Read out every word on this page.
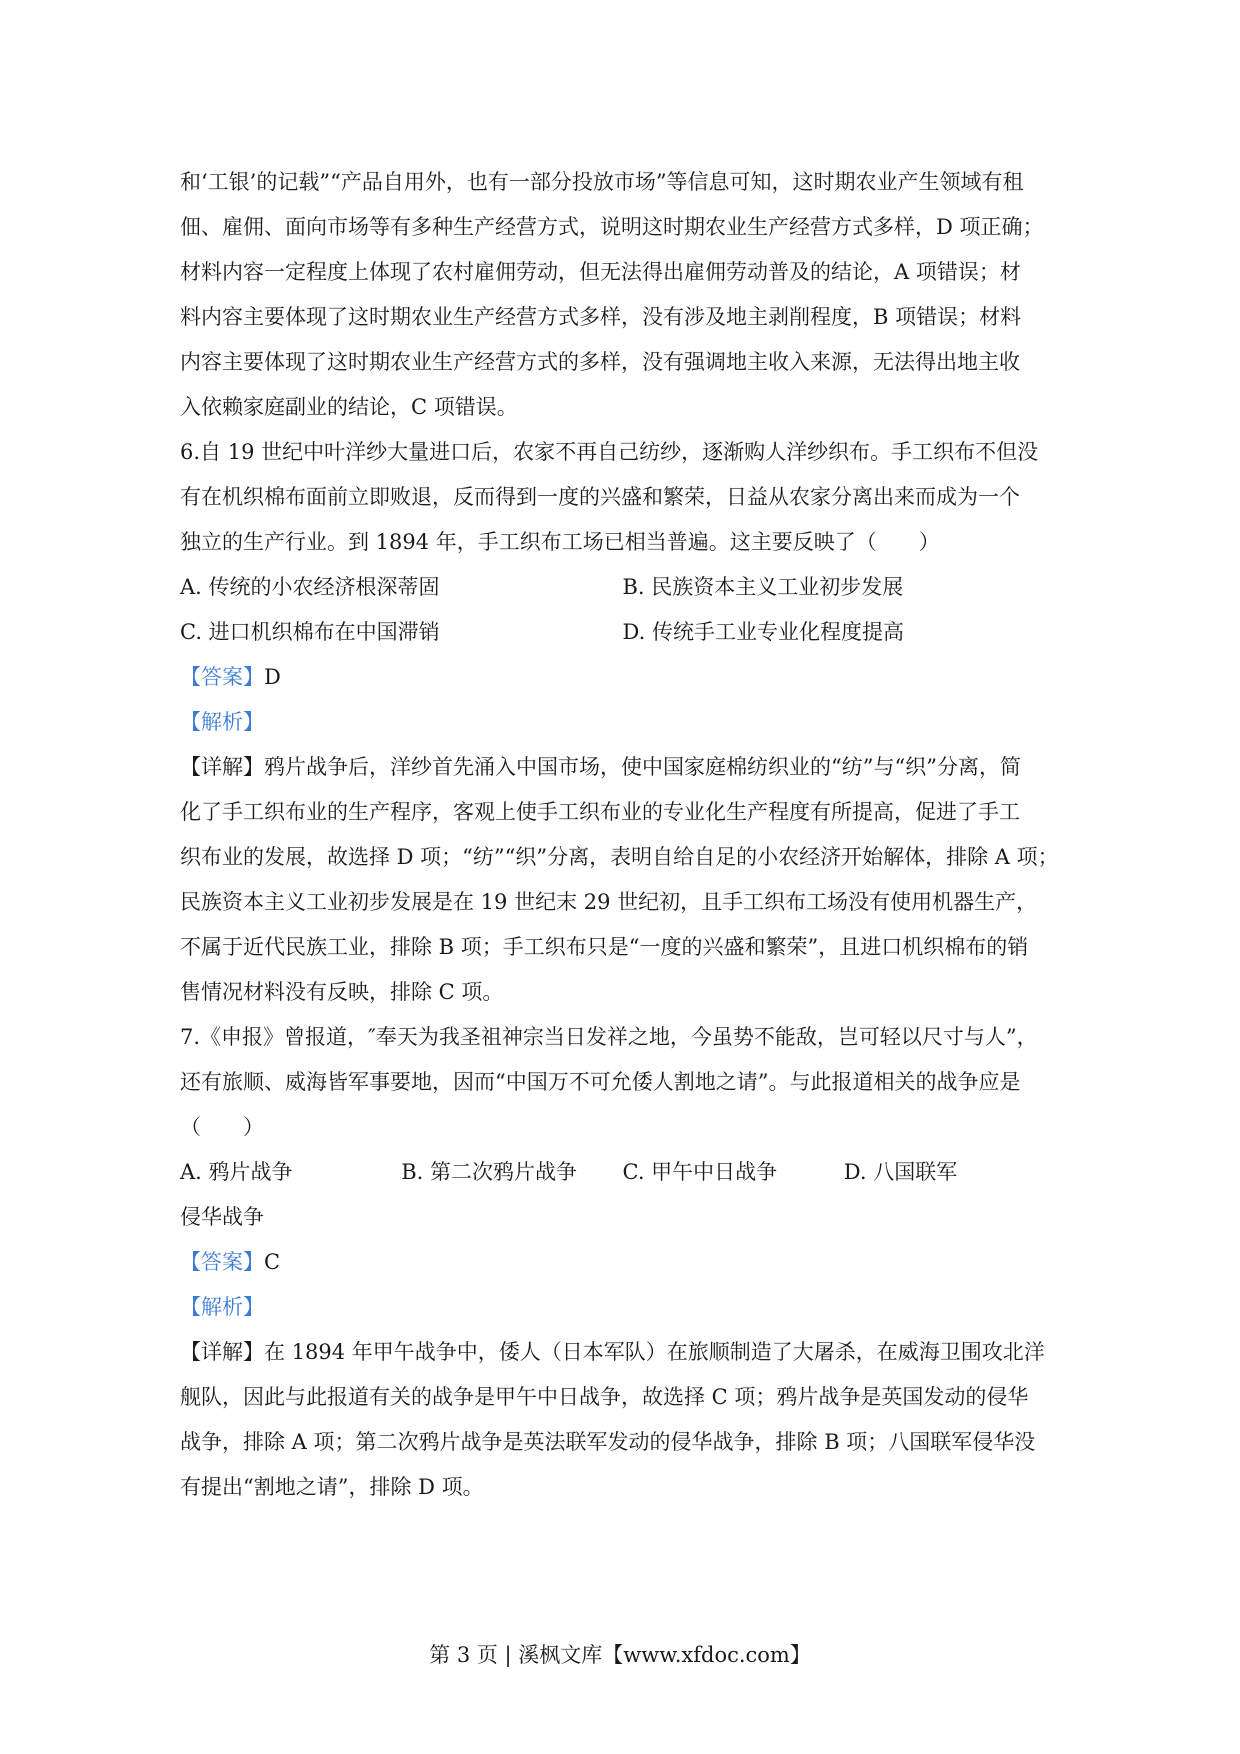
和‘工银’的记载”“产品自用外，也有一部分投放市场”等信息可知，这时期农业产生领域有租

佃、雇佣、面向市场等有多种生产经营方式，说明这时期农业生产经营方式多样，D 项正确；

材料内容一定程度上体现了农村雇佣劳动，但无法得出雇佣劳动普及的结论，A 项错误；材

料内容主要体现了这时期农业生产经营方式多样，没有涉及地主剥削程度，B 项错误；材料

内容主要体现了这时期农业生产经营方式的多样，没有强调地主收入来源，无法得出地主收

入依赖家庭副业的结论，C 项错误。

6.自 19 世纪中叶洋纱大量进口后，农家不再自己纺纱，逐渐购人洋纱织布。手工织布不但没

有在机织棉布面前立即败退，反而得到一度的兴盛和繁荣，日益从农家分离出来而成为一个

独立的生产行业。到 1894 年，手工织布工场已相当普遍。这主要反映了（　　）

A. 传统的小农经济根深蒂固	B. 民族资本主义工业初步发展
C. 进口机织棉布在中国滞销	D. 传统手工业专业化程度提高

【答案】D

【解析】

【详解】鸦片战争后，洋纱首先涌入中国市场，使中国家庭棉纺织业的“纺”与“织”分离，简

化了手工织布业的生产程序，客观上使手工织布业的专业化生产程度有所提高，促进了手工

织布业的发展，故选择 D 项；“纺”“织”分离，表明自给自足的小农经济开始解体，排除 A 项；

民族资本主义工业初步发展是在 19 世纪末 29 世纪初，且手工织布工场没有使用机器生产，

不属于近代民族工业，排除 B 项；手工织布只是“一度的兴盛和繁荣”，且进口机织棉布的销

售情况材料没有反映，排除 C 项。

7.《申报》曾报道，″奉天为我圣祖神宗当日发祥之地，今虽势不能敌，岂可轻以尺寸与人”，

还有旅顺、威海皆军事要地，因而“中国万不可允倭人割地之请”。与此报道相关的战争应是

（　　）

A. 鸦片战争	B. 第二次鸦片战争	C. 甲午中日战争	D. 八国联军

侵华战争

【答案】C

【解析】

【详解】在 1894 年甲午战争中，倭人（日本军队）在旅顺制造了大屠杀，在威海卫围攻北洋

舰队，因此与此报道有关的战争是甲午中日战争，故选择 C 项；鸦片战争是英国发动的侵华

战争，排除 A 项；第二次鸦片战争是英法联军发动的侵华战争，排除 B 项；八国联军侵华没

有提出“割地之请”，排除 D 项。

第 3 页 | 溪枫文库【www.xfdoc.com】
